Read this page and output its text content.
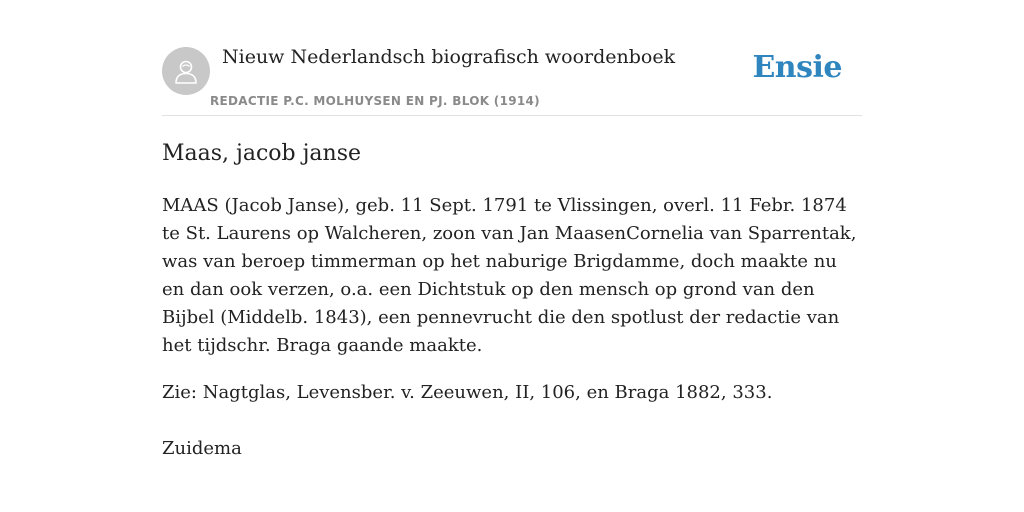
Nieuw Nederlandsch biografisch woordenboek
REDACTIE P.C. MOLHUYSEN EN PJ. BLOK (1914)
Ensie
Maas, jacob janse

MAAS (Jacob Janse), geb. 11 Sept. 1791 te Vlissingen, overl. 11 Febr. 1874 te St. Laurens op Walcheren, zoon van Jan MaasenCornelia van Sparrentak, was van beroep timmerman op het naburige Brigdamme, doch maakte nu en dan ook verzen, o.a. een Dichtstuk op den mensch op grond van den Bijbel (Middelb. 1843), een pennevrucht die den spotlust der redactie van het tijdschr. Braga gaande maakte.

Zie: Nagtglas, Levensber. v. Zeeuwen, II, 106, en Braga 1882, 333.

Zuidema
